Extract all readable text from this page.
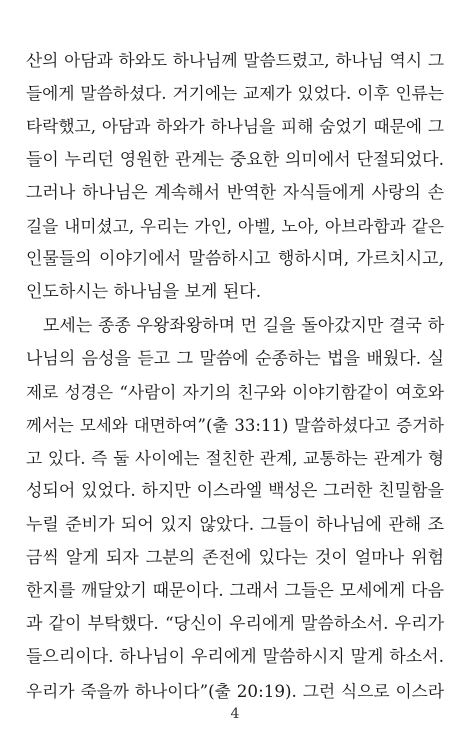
산의 아담과 하와도 하나님께 말씀드렸고, 하나님 역시 그
들에게 말씀하셨다. 거기에는 교제가 있었다. 이후 인류는
타락했고, 아담과 하와가 하나님을 피해 숨었기 때문에 그
들이 누리던 영원한 관계는 중요한 의미에서 단절되었다.
그러나 하나님은 계속해서 반역한 자식들에게 사랑의 손
길을 내미셨고, 우리는 가인, 아벨, 노아, 아브라함과 같은
인물들의 이야기에서 말씀하시고 행하시며, 가르치시고,
인도하시는 하나님을 보게 된다.
모세는 종종 우왕좌왕하며 먼 길을 돌아갔지만 결국 하
나님의 음성을 듣고 그 말씀에 순종하는 법을 배웠다. 실
제로 성경은 “사람이 자기의 친구와 이야기함같이 여호와
께서는 모세와 대면하여”(출 33:11) 말씀하셨다고 증거하
고 있다. 즉 둘 사이에는 절친한 관계, 교통하는 관계가 형
성되어 있었다. 하지만 이스라엘 백성은 그러한 친밀함을
누릴 준비가 되어 있지 않았다. 그들이 하나님에 관해 조
금씩 알게 되자 그분의 존전에 있다는 것이 얼마나 위험
한지를 깨달았기 때문이다. 그래서 그들은 모세에게 다음
과 같이 부탁했다. “당신이 우리에게 말씀하소서. 우리가
들으리이다. 하나님이 우리에게 말씀하시지 말게 하소서.
우리가 죽을까 하나이다”(출 20:19). 그런 식으로 이스라
4
